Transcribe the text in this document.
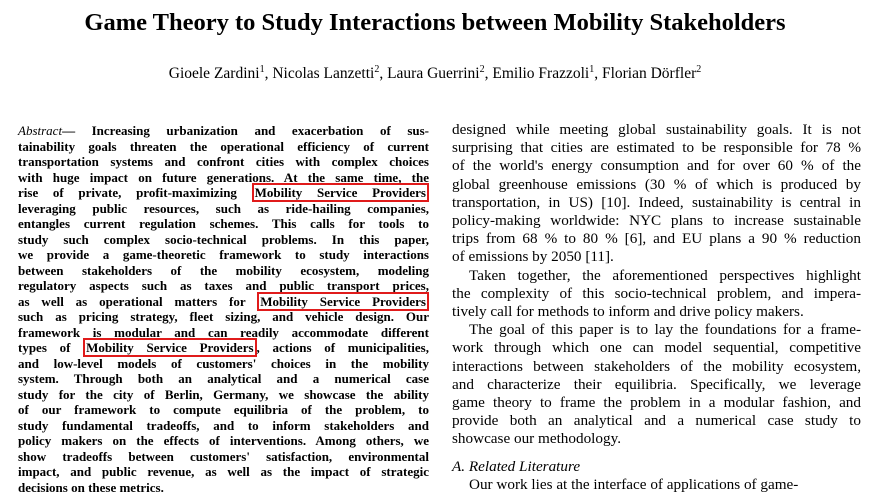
Game Theory to Study Interactions between Mobility Stakeholders
Gioele Zardini$^1$, Nicolas Lanzetti$^2$, Laura Guerrini$^2$, Emilio Frazzoli$^1$, Florian Dörfler$^2$
Abstract— Increasing urbanization and exacerbation of sus-
tainability goals threaten the operational efficiency of current
transportation systems and confront cities with complex choices
with huge impact on future generations. At the same time, the
rise of private, profit-maximizing Mobility Service Providers
leveraging public resources, such as ride-hailing companies,
entangles current regulation schemes. This calls for tools to
study such complex socio-technical problems. In this paper,
we provide a game-theoretic framework to study interactions
between stakeholders of the mobility ecosystem, modeling
regulatory aspects such as taxes and public transport prices,
as well as operational matters for Mobility Service Providers
such as pricing strategy, fleet sizing, and vehicle design. Our
framework is modular and can readily accommodate different
types of Mobility Service Providers , actions of municipalities,
and low-level models of customers' choices in the mobility
system. Through both an analytical and a numerical case
study for the city of Berlin, Germany, we showcase the ability
of our framework to compute equilibria of the problem, to
study fundamental tradeoffs, and to inform stakeholders and
policy makers on the effects of interventions. Among others, we
show tradeoffs between customers' satisfaction, environmental
impact, and public revenue, as well as the impact of strategic
decisions on these metrics.
designed while meeting global sustainability goals. It is not
surprising that cities are estimated to be responsible for 78 %
of the world's energy consumption and for over 60 % of the
global greenhouse emissions (30 % of which is produced by
transportation, in US) [10]. Indeed, sustainability is central in
policy-making worldwide: NYC plans to increase sustainable
trips from 68 % to 80 % [6], and EU plans a 90 % reduction
of emissions by 2050 [11].
Taken together, the aforementioned perspectives highlight
the complexity of this socio-technical problem, and impera-
tively call for methods to inform and drive policy makers.
The goal of this paper is to lay the foundations for a frame-
work through which one can model sequential, competitive
interactions between stakeholders of the mobility ecosystem,
and characterize their equilibria. Specifically, we leverage
game theory to frame the problem in a modular fashion, and
provide both an analytical and a numerical case study to
showcase our methodology.
A. Related Literature
Our work lies at the interface of applications of game-
